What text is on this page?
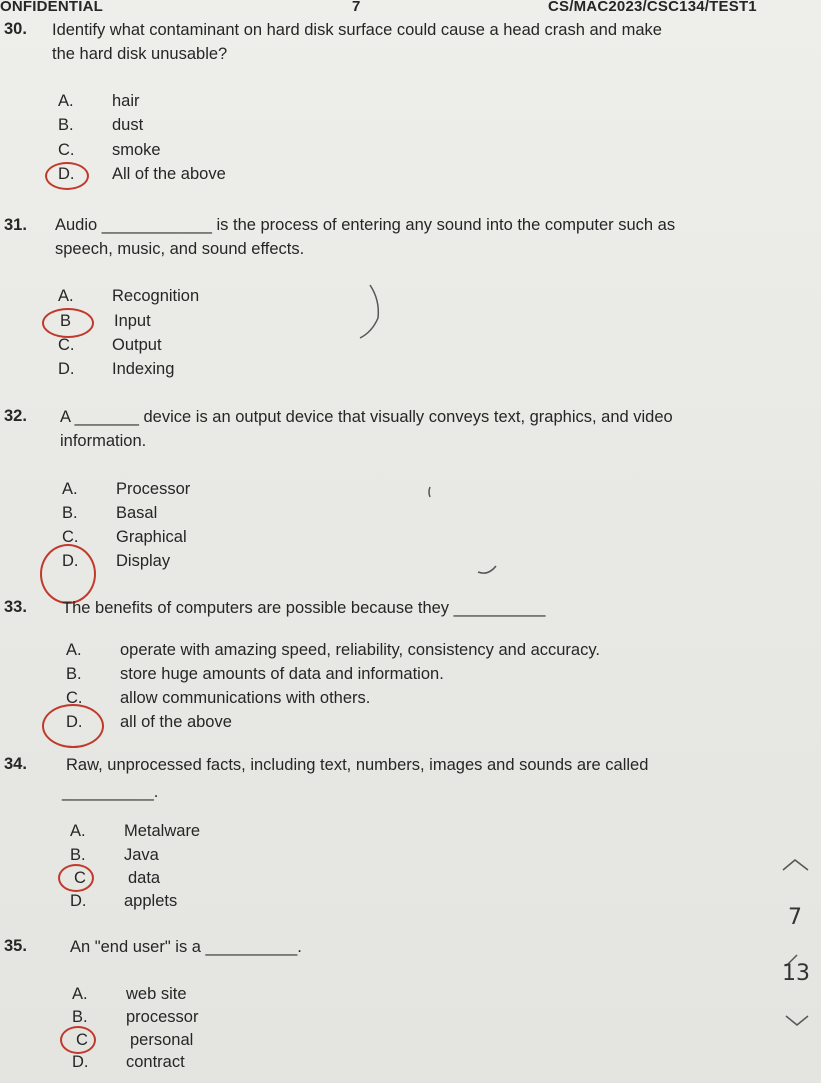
ONFIDENTIAL	7	CS/MAC2023/CSC134/TEST1
30. Identify what contaminant on hard disk surface could cause a head crash and make
the hard disk unusable?
A. hair
B. dust
C. smoke
D. All of the above
31. Audio ____________ is the process of entering any sound into the computer such as
speech, music, and sound effects.
A. Recognition
B	Input
C. Output
D. Indexing
32. A _______ device is an output device that visually conveys text, graphics, and video
information.
A. Processor
B. Basal
C. Graphical
D. Display
33. The benefits of computers are possible because they __________
A. operate with amazing speed, reliability, consistency and accuracy.
B. store huge amounts of data and information.
C. allow communications with others.
D. all of the above
34. Raw, unprocessed facts, including text, numbers, images and sounds are called
__________.
A. Metalware
B. Java
C	data
D. applets
35.	An "end user" is a __________.
A. web site
B. processor
C	personal
D. contract
7
13
